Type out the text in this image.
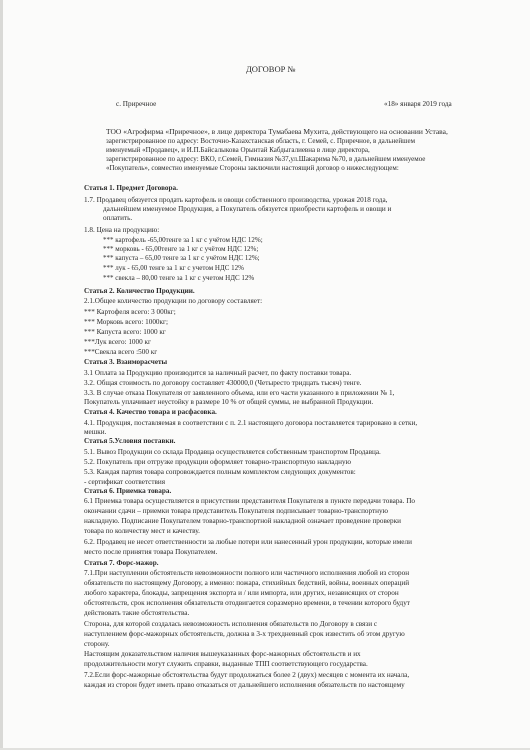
ДОГОВОР №
с. Приречное	«18» января 2019 года
ТОО «Агрофирма «Приречное», в лице директора Тумабаева Мухита, действующего на основании Устава,
зарегистрированное по адресу: Восточно-Казахстанская область, г. Семей, с. Приречное, в дальнейшем
именуемый «Продавец», и И.П.Байсалыкова Орынтай Кабдыгалиевна в лице директора,
зарегистрированное по адресу: ВКО, г.Семей, Гимназия №37,ул.Шакарима №70, в дальнейшем именуемое
«Покупатель», совместно именуемые Стороны заключили настоящий договор о нижеследующем:
Статья 1. Предмет Договора.
1.7. Продавец обязуется продать картофель и овощи собственного производства, урожая 2018 года,
дальнейшем именуемое Продукция, а Покупатель обязуется приобрести картофель и овощи и
оплатить.
1.8. Цена на продукцию:
*** картофель -65,00тенге за 1 кг с учётом НДС 12%;
*** морковь - 65,00тенге за 1 кг с учётом НДС 12%;
*** капуста – 65,00 тенге за 1 кг с учётом НДС 12%;
*** лук - 65,00 тенге за 1 кг с учетом НДС 12%
*** свекла – 80,00 тенге за 1 кг с учетом НДС 12%
Статья 2. Количество Продукции.
2.1.Общее количество продукции по договору составляет:
*** Картофеля всего: 3 000кг;
*** Морковь всего: 1000кг;
*** Капуста всего: 1000 кг
***Лук всего: 1000 кг
***Свекла всего :500 кг
Статья 3. Взаиморасчеты
3.1 Оплата за Продукцию производится за наличный расчет, по факту поставки товара.
3.2. Общая стоимость по договору составляет 430000,0 (Четыресто тридцать тысяч) тенге.
3.3. В случае отказа Покупателя от заявленного объема, или его части указанного в приложении № 1,
Покупатель уплачивает неустойку в размере 10 % от общей суммы, не выбранной Продукции.
Статья 4. Качество товара и расфасовка.
4.1. Продукция, поставляемая в соответствии с п. 2.1 настоящего договора поставляется тарировано в сетки,
мешки.
Статья 5.Условия поставки.
5.1. Вывоз Продукции со склада Продавца осуществляется собственным транспортом Продавца.
5.2. Покупатель при отгрузке продукции оформляет товарно-транспортную накладную
5.3. Каждая партия товара сопровождается полным комплектом следующих документов:
- сертификат соответствия
Статья 6. Приемка товара.
6.1 Приемка товара осуществляется в присутствии представителя Покупателя в пункте передачи товара. По
окончании сдачи – приемки товара представитель Покупателя подписывает товарно-транспортную
накладную. Подписание Покупателем товарно-транспортной накладной означает проведение проверки
товара по количеству мест и качеству.
6.2. Продавец не несет ответственности за любые потери или нанесенный урон продукции, которые имели
место после принятия товара Покупателем.
Статья 7. Форс-мажор.
7.1.При наступлении обстоятельств невозможности полного или частичного исполнения любой из сторон
обязательств по настоящему Договору, а именно: пожара, стихийных бедствий, войны, военных операций
любого характера, блокады, запрещения экспорта и / или импорта, или других, независящих от сторон
обстоятельств, срок исполнения обязательств отодвигается соразмерно времени, в течении которого будут
действовать такие обстоятельства.
Сторона, для которой создалась невозможность исполнения обязательств по Договору в связи с
наступлением форс-мажорных обстоятельств, должна в 3-х трехдневный срок известить об этом другую
сторону.
Настоящим доказательством наличия вышеуказанных форс-мажорных обстоятельств и их
продолжительности могут служить справки, выданные ТПП соответствующего государства.
7.2.Если форс-мажорные обстоятельства будут продолжаться более 2 (двух) месяцев с момента их начала,
каждая из сторон будет иметь право отказаться от дальнейшего исполнения обязательств по настоящему
